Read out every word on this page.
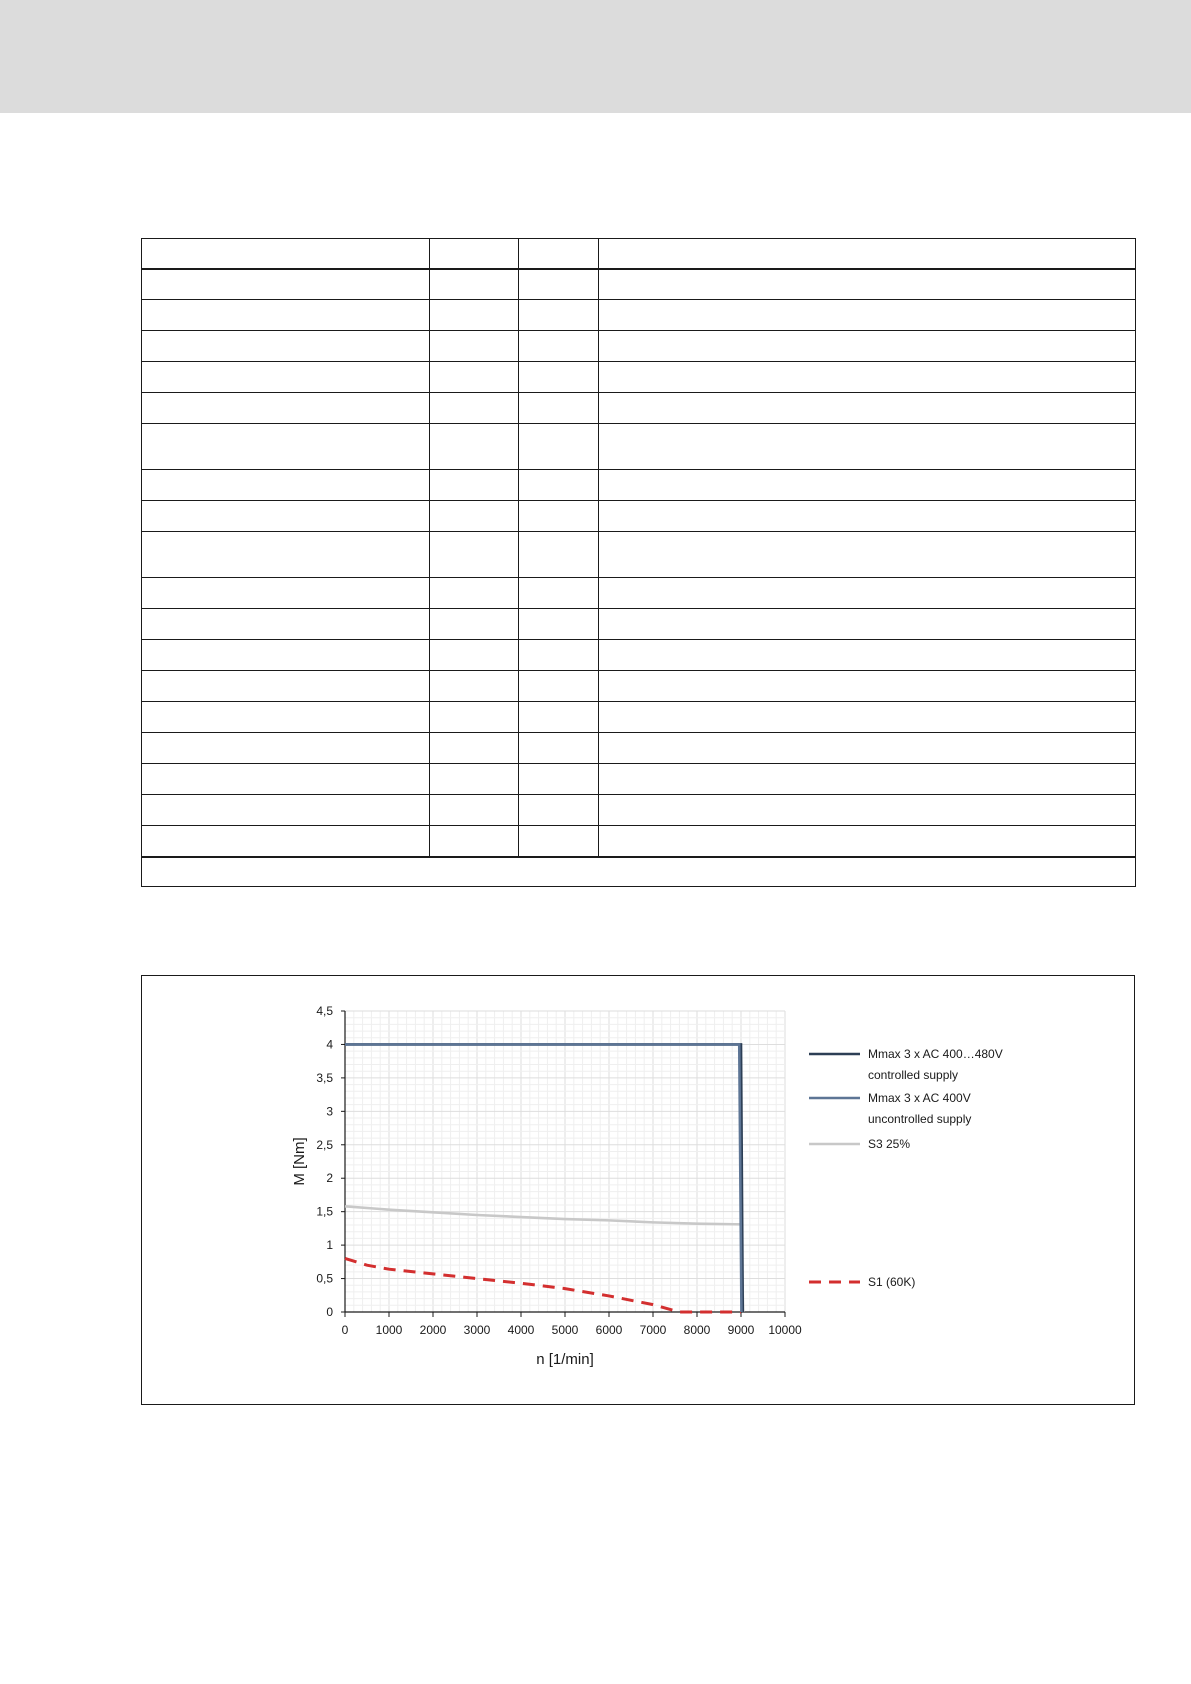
0 1000 2000 3000 4000 5000 6000 7000 8000 9000 10000
0
0,5
1
1,5
2
2,5
3
3,5
4
4,5
n [1/min]
M [Nm]
Mmax 3 x AC 400…480V
controlled supply
Mmax 3 x AC 400V
uncontrolled supply
S3 25%
S1 (60K)
